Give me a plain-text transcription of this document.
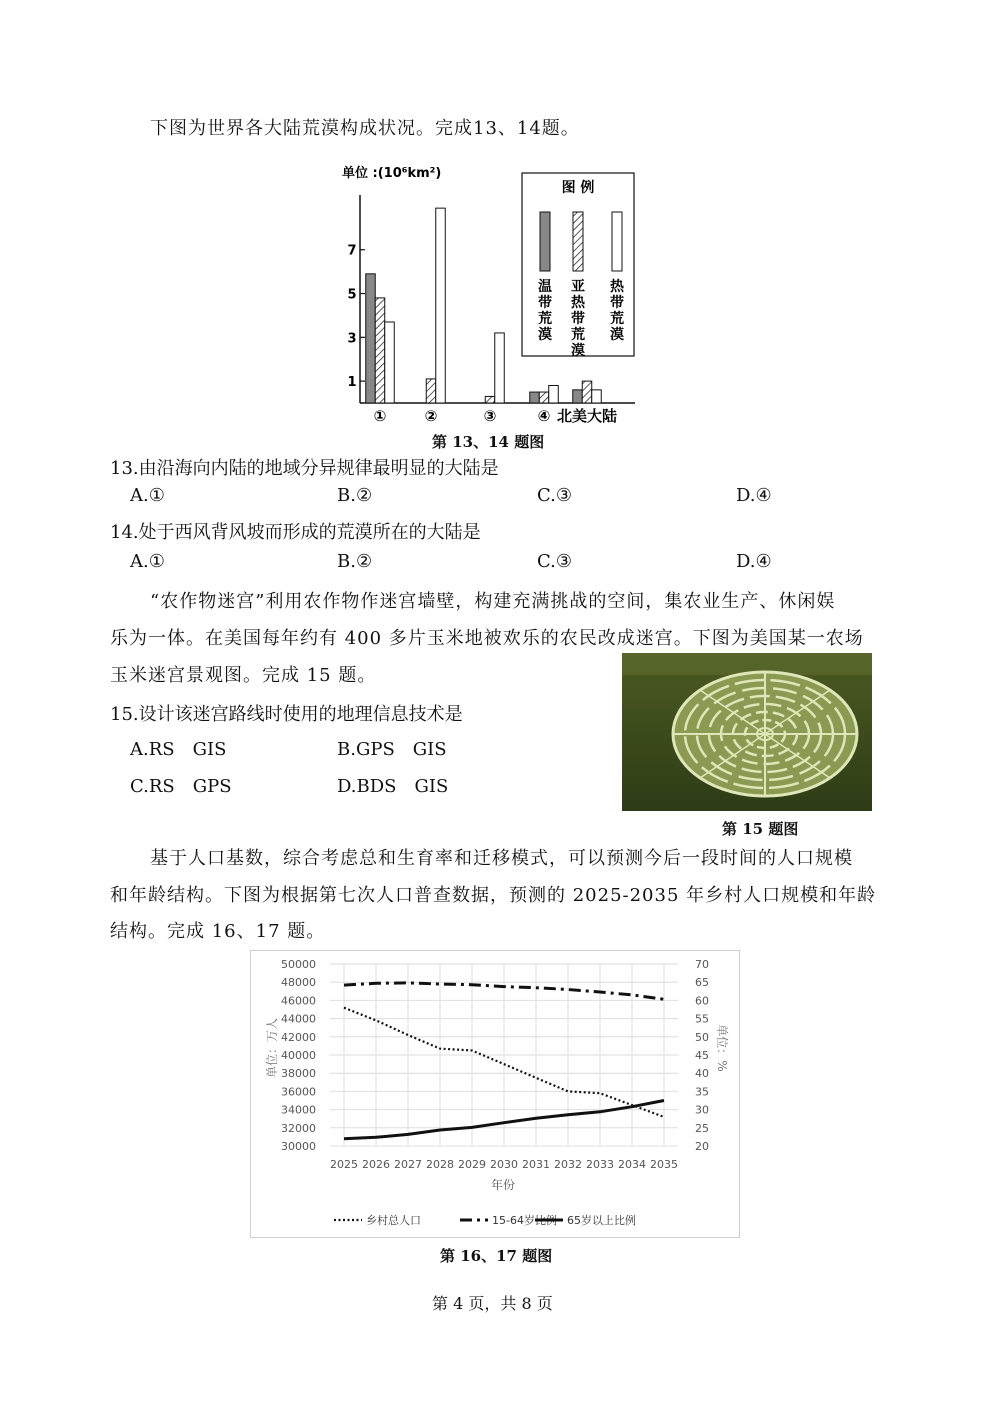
下图为世界各大陆荒漠构成状况。完成13、14题。
单位 :(10⁶km²)
1
3
5
7
①	②	③	④ 北美大陆
图 例
温带荒漠
亚热带荒漠
热带荒漠
第 13、14 题图
13.由沿海向内陆的地域分异规律最明显的大陆是
A.①	B.②	C.③	D.④
14.处于西风背风坡而形成的荒漠所在的大陆是
A.①	B.②	C.③	D.④
“农作物迷宫”利用农作物作迷宫墙壁，构建充满挑战的空间，集农业生产、休闲娱
乐为一体。在美国每年约有 400 多片玉米地被欢乐的农民改成迷宫。下图为美国某一农场
玉米迷宫景观图。完成 15 题。
15.设计该迷宫路线时使用的地理信息技术是
A.RS　GIS	B.GPS　GIS
C.RS　GPS	D.BDS　GIS
第 15 题图
基于人口基数，综合考虑总和生育率和迁移模式，可以预测今后一段时间的人口规模
和年龄结构。下图为根据第七次人口普查数据，预测的 2025-2035 年乡村人口规模和年龄
结构。完成 16、17 题。
30000
32000
34000
36000
38000
40000
42000
44000
46000
48000
50000
20
25
30
35
40
45
50
55
60
65
70
2025 2026 2027 2028 2029 2030 2031 2032 2033 2034 2035
单位：万人	单位：%
年份
乡村总人口	15-64岁比例 65岁以上比例
第 16、17 题图
第 4 页，共 8 页
